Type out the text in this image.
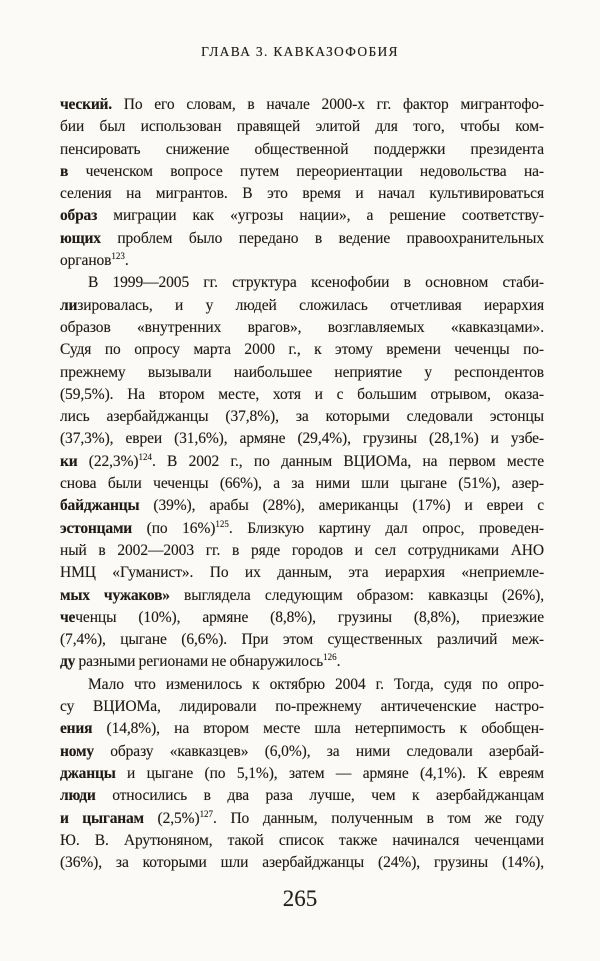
ГЛАВА 3. КАВКАЗОФОБИЯ
ческий. По его словам, в начале 2000-х гг. фактор мигрантофо-
бии был использован правящей элитой для того, чтобы ком-
пенсировать снижение общественной поддержки президента
в чеченском вопросе путем переориентации недовольства на-
селения на мигрантов. В это время и начал культивироваться
образ миграции как «угрозы нации», а решение соответству-
ющих проблем было передано в ведение правоохранительных
органов$^{123}$.
В 1999—2005 гг. структура ксенофобии в основном стаби-
лизировалась, и у людей сложилась отчетливая иерархия
образов «внутренних врагов», возглавляемых «кавказцами».
Судя по опросу марта 2000 г., к этому времени чеченцы по-
прежнему вызывали наибольшее неприятие у респондентов
(59,5%). На втором месте, хотя и с большим отрывом, оказа-
лись азербайджанцы (37,8%), за которыми следовали эстонцы
(37,3%), евреи (31,6%), армяне (29,4%), грузины (28,1%) и узбе-
ки $(22,3\%)^{124}$. В 2002 г., по данным ВЦИОМа, на первом месте
снова были чеченцы (66%), а за ними шли цыгане (51%), азер-
байджанцы (39%), арабы (28%), американцы (17%) и евреи с
эстонцами (по 16%)$^{125}$. Близкую картину дал опрос, проведен-
ный в 2002—2003 гг. в ряде городов и сел сотрудниками АНО
НМЦ «Гуманист». По их данным, эта иерархия «неприемле-
мых чужаков» выглядела следующим образом: кавказцы (26%),
чеченцы (10%), армяне (8,8%), грузины (8,8%), приезжие
(7,4%), цыгане (6,6%). При этом существенных различий меж-
ду разными регионами не обнаружилось$^{126}$.
Мало что изменилось к октябрю 2004 г. Тогда, судя по опро-
су ВЦИОМа, лидировали по-прежнему античеченские настро-
ения (14,8%), на втором месте шла нетерпимость к обобщен-
ному образу «кавказцев» (6,0%), за ними следовали азербай-
джанцы и цыгане (по 5,1%), затем — армяне (4,1%). К евреям
люди относились в два раза лучше, чем к азербайджанцам
и цыганам $(2,5\%)^{127}$. По данным, полученным в том же году
Ю. В. Арутюняном, такой список также начинался чеченцами
(36%), за которыми шли азербайджанцы (24%), грузины (14%),
265
